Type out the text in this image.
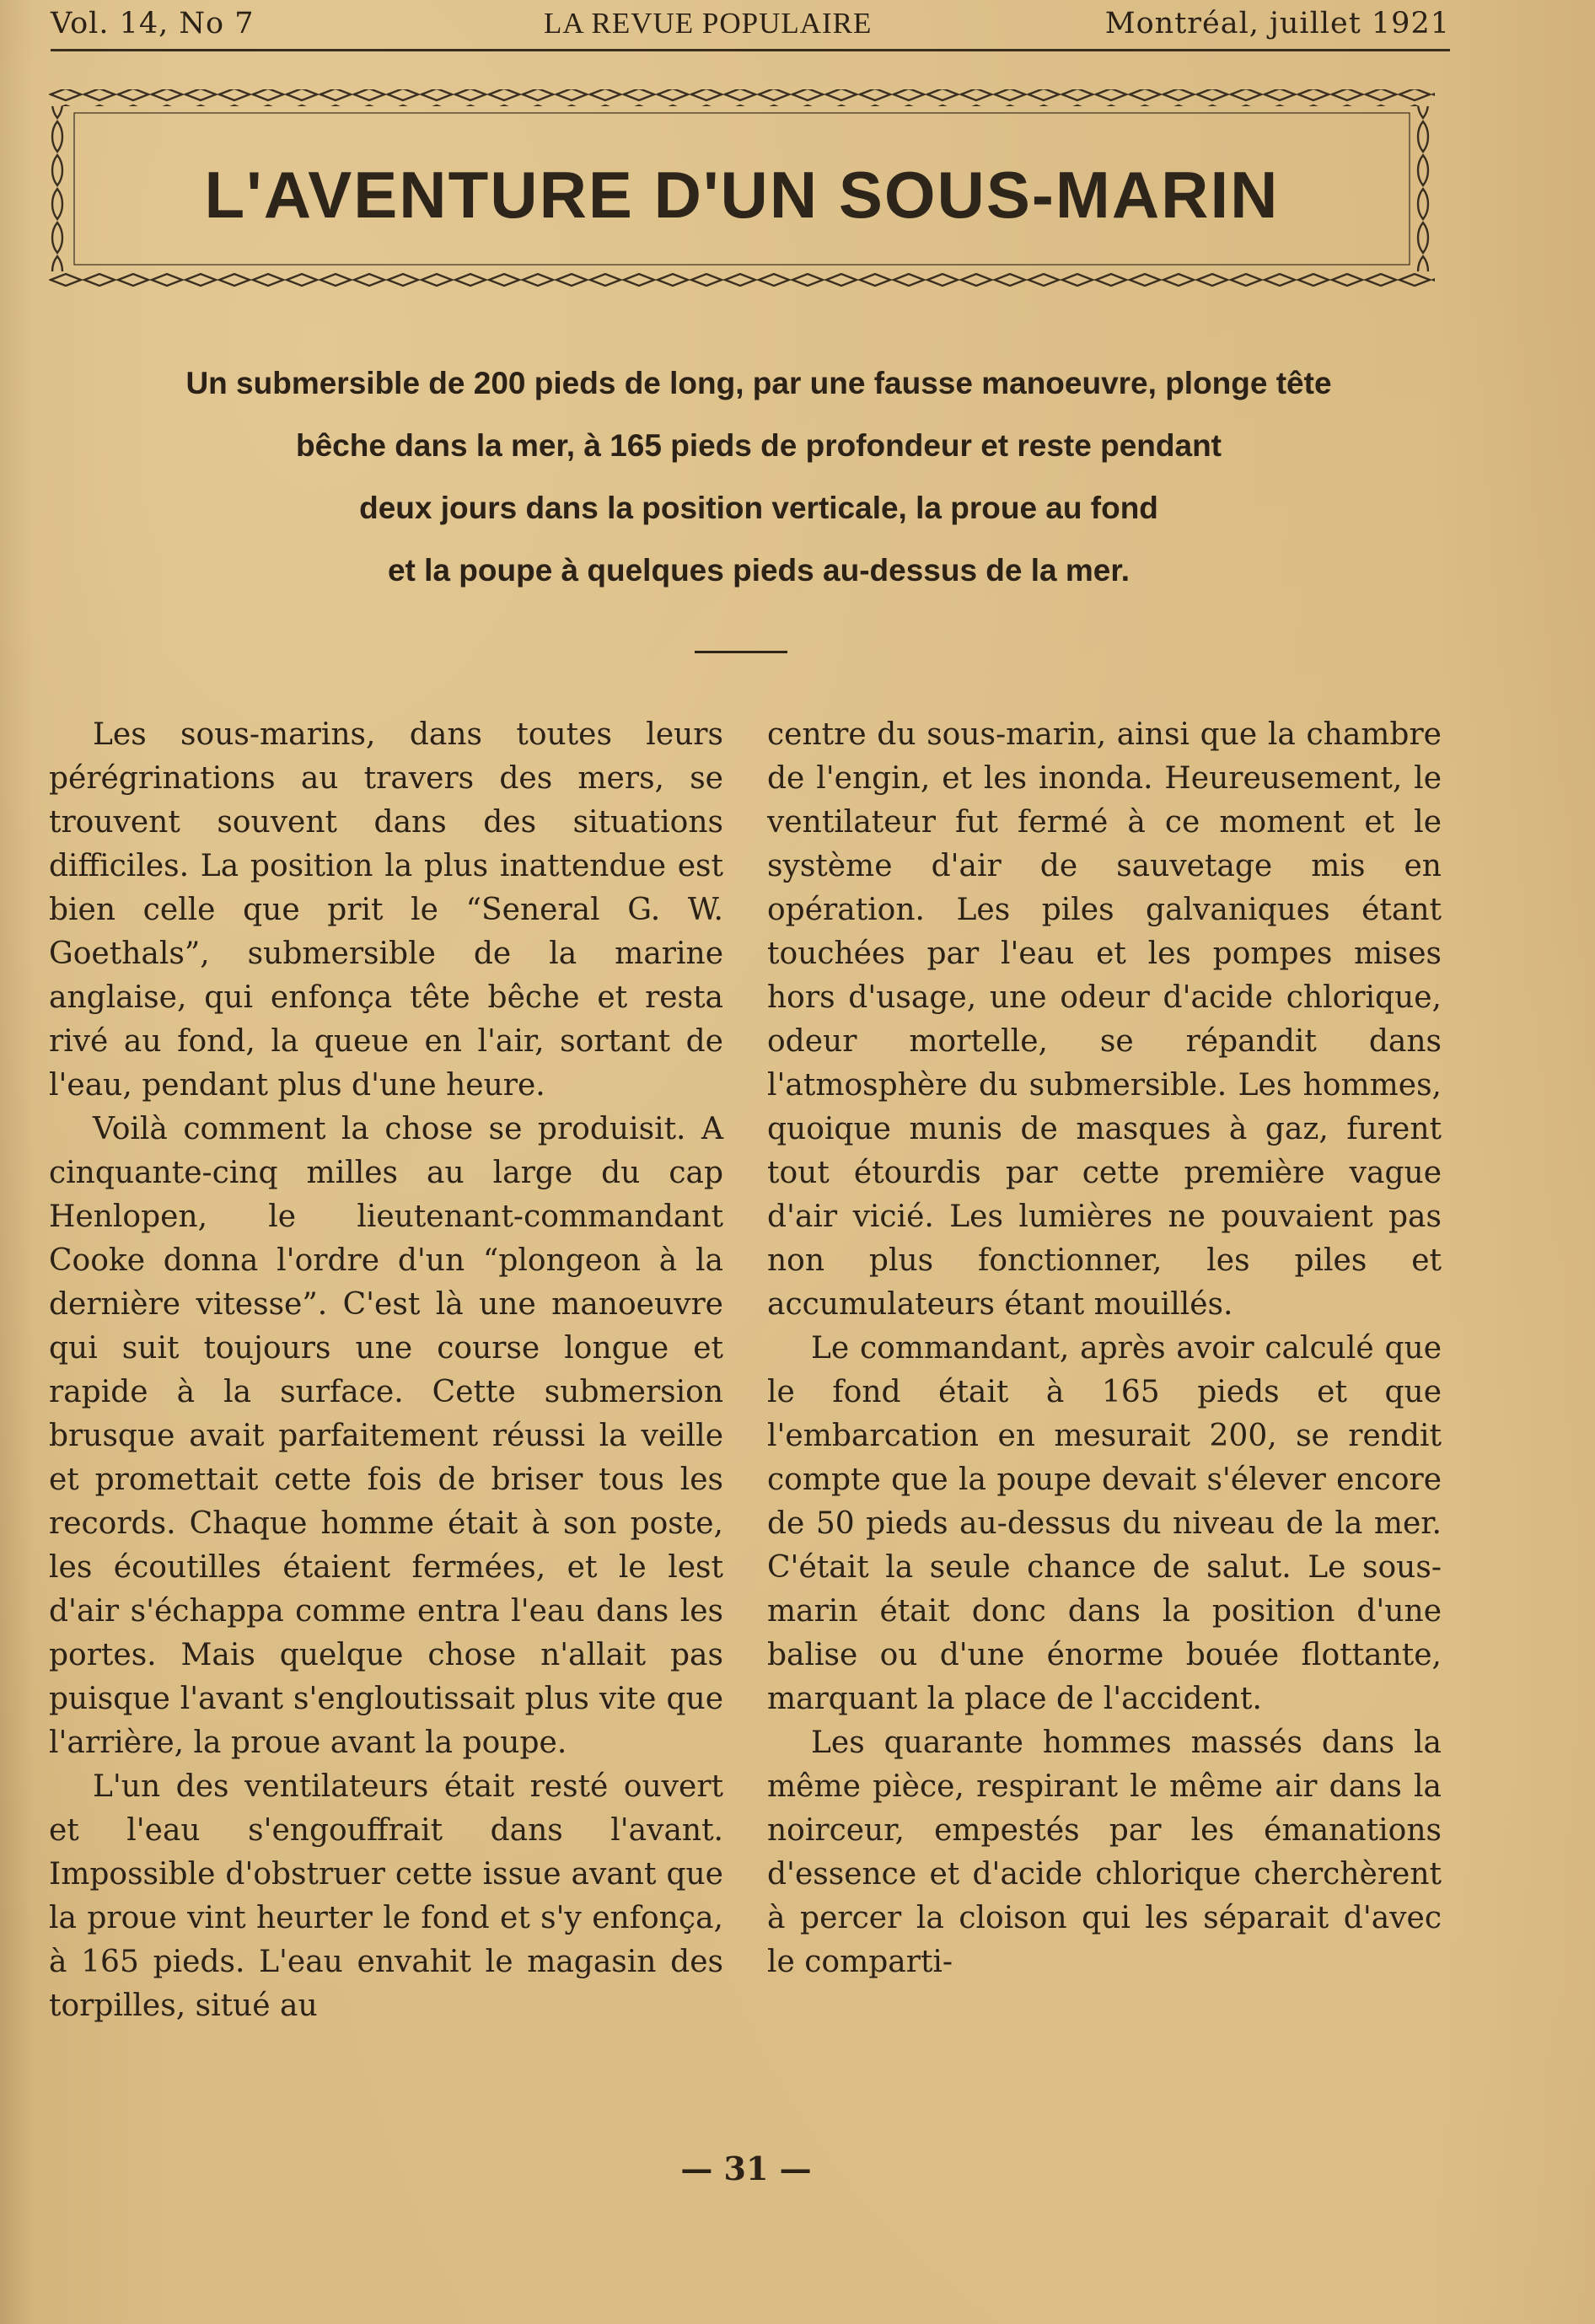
Vol. 14, No 7	LA REVUE POPULAIRE	Montréal, juillet 1921
L'AVENTURE D'UN SOUS-MARIN
Un submersible de 200 pieds de long, par une fausse manoeuvre, plonge tête
bêche dans la mer, à 165 pieds de profondeur et reste pendant
deux jours dans la position verticale, la proue au fond
et la poupe à quelques pieds au-dessus de la mer.

Les sous-marins, dans toutes leurs pérégrinations au travers des mers, se trouvent souvent dans des situations difficiles. La position la plus inattendue est bien celle que prit le “Seneral G. W. Goethals”, submersible de la marine anglaise, qui enfonça tête bêche et resta rivé au fond, la queue en l'air, sortant de l'eau, pendant plus d'une heure.

Voilà comment la chose se produisit. A cinquante-cinq milles au large du cap Henlopen, le lieutenant-commandant Cooke donna l'ordre d'un “plongeon à la dernière vitesse”. C'est là une manoeuvre qui suit toujours une course longue et rapide à la surface. Cette submersion brusque avait parfaitement réussi la veille et promettait cette fois de briser tous les records. Chaque homme était à son poste, les écoutilles étaient fermées, et le lest d'air s'échappa comme entra l'eau dans les portes. Mais quelque chose n'allait pas puisque l'avant s'engloutissait plus vite que l'arrière, la proue avant la poupe.

L'un des ventilateurs était resté ouvert et l'eau s'engouffrait dans l'avant. Impossible d'obstruer cette issue avant que la proue vint heurter le fond et s'y enfonça, à 165 pieds. L'eau envahit le magasin des torpilles, situé au

centre du sous-marin, ainsi que la chambre de l'engin, et les inonda. Heureusement, le ventilateur fut fermé à ce moment et le système d'air de sauvetage mis en opération. Les piles galvaniques étant touchées par l'eau et les pompes mises hors d'usage, une odeur d'acide chlorique, odeur mortelle, se répandit dans l'atmosphère du submersible. Les hommes, quoique munis de masques à gaz, furent tout étourdis par cette première vague d'air vicié. Les lumières ne pouvaient pas non plus fonctionner, les piles et accumulateurs étant mouillés.

Le commandant, après avoir calculé que le fond était à 165 pieds et que l'embarcation en mesurait 200, se rendit compte que la poupe devait s'élever encore de 50 pieds au-dessus du niveau de la mer. C'était la seule chance de salut. Le sous-marin était donc dans la position d'une balise ou d'une énorme bouée flottante, marquant la place de l'accident.

Les quarante hommes massés dans la même pièce, respirant le même air dans la noirceur, empestés par les émanations d'essence et d'acide chlorique cherchèrent à percer la cloison qui les séparait d'avec le comparti-

— 31 —
